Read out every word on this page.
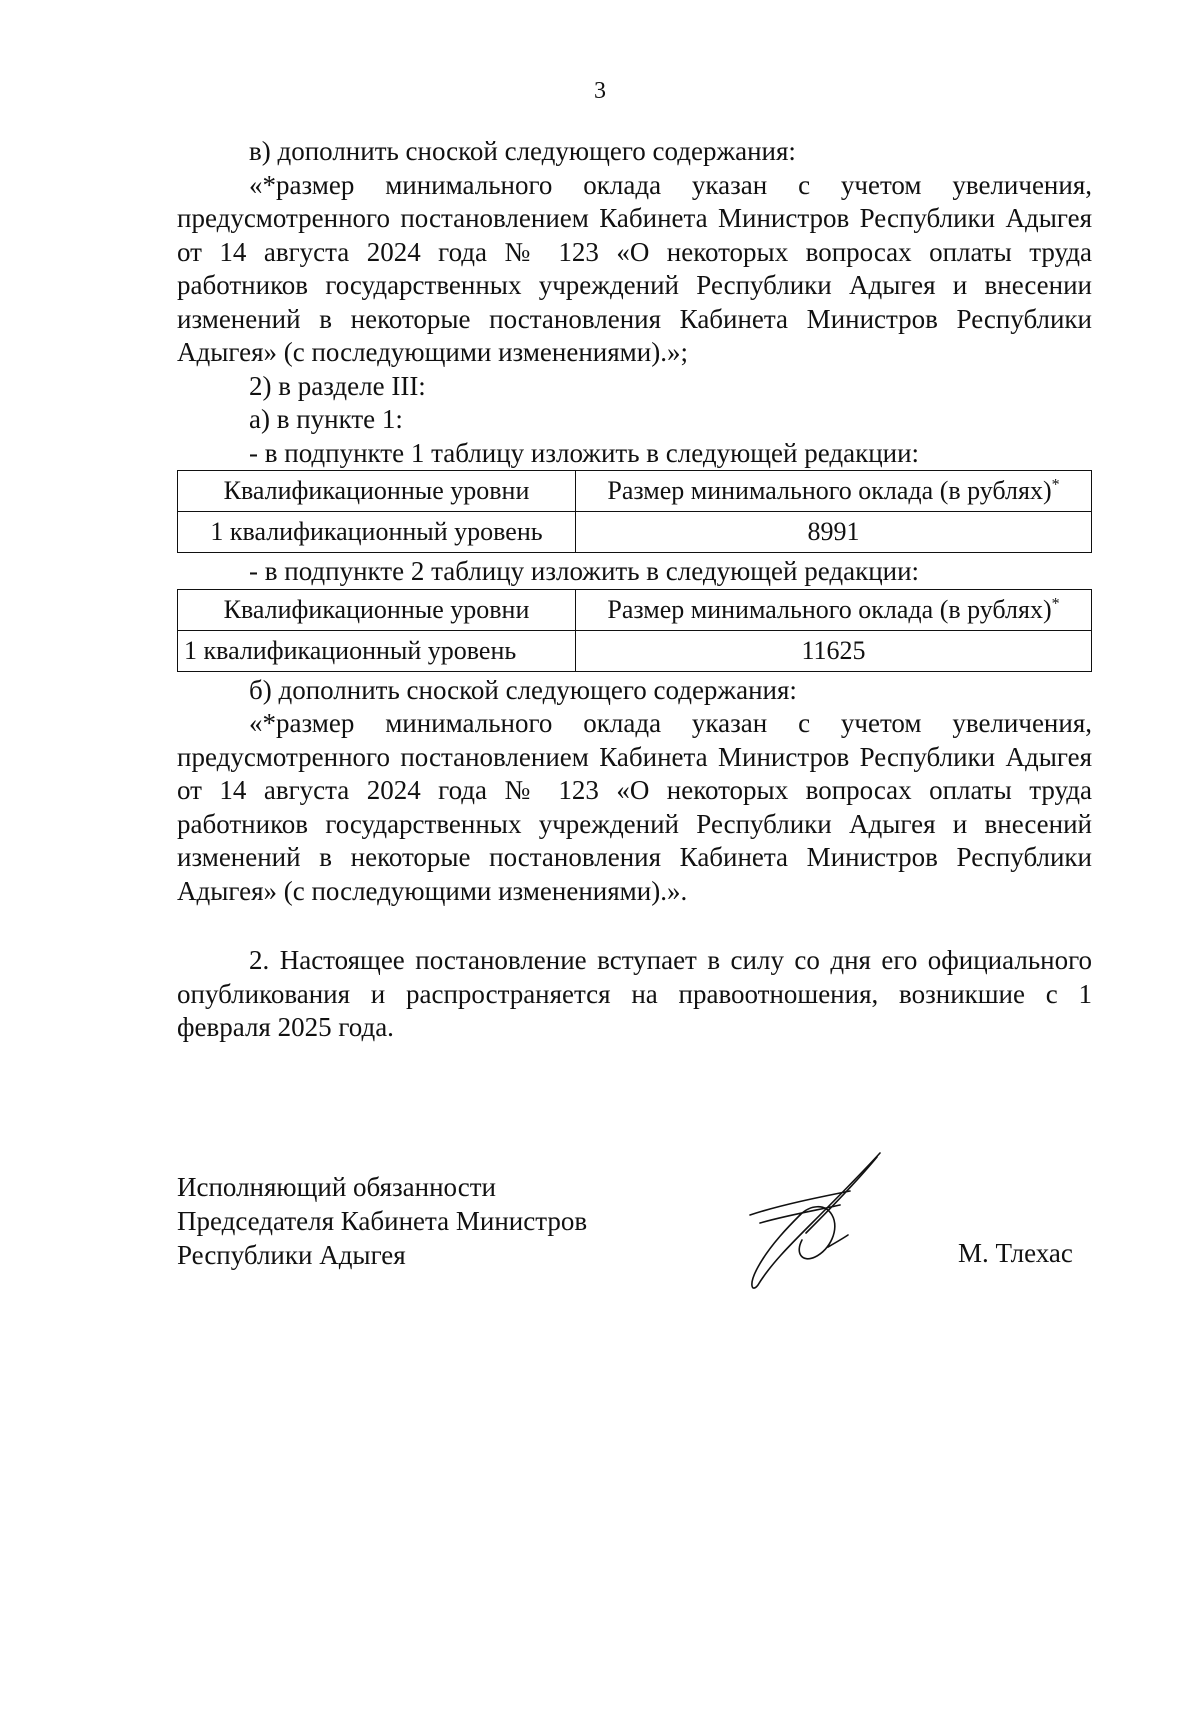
3

в) дополнить сноской следующего содержания:

«*размер минимального оклада указан с учетом увеличения, предусмотренного постановлением Кабинета Министров Республики Адыгея от 14 августа 2024 года № 123 «О некоторых вопросах оплаты труда работников государственных учреждений Республики Адыгея и внесении изменений в некоторые постановления Кабинета Министров Республики Адыгея» (с последующими изменениями).»;

2) в разделе III:

а) в пункте 1:

- в подпункте 1 таблицу изложить в следующей редакции:

Квалификационные уровни	Размер минимального оклада (в рублях)*
1 квалификационный уровень	8991

- в подпункте 2 таблицу изложить в следующей редакции:

Квалификационные уровни	Размер минимального оклада (в рублях)*
1 квалификационный уровень	11625

б) дополнить сноской следующего содержания:

«*размер минимального оклада указан с учетом увеличения, предусмотренного постановлением Кабинета Министров Республики Адыгея от 14 августа 2024 года № 123 «О некоторых вопросах оплаты труда работников государственных учреждений Республики Адыгея и внесений изменений в некоторые постановления Кабинета Министров Республики Адыгея» (с последующими изменениями).».

2. Настоящее постановление вступает в силу со дня его официального опубликования и распространяется на правоотношения, возникшие с 1 февраля 2025 года.

Исполняющий обязанности
Председателя Кабинета Министров
Республики Адыгея	М. Тлехас
